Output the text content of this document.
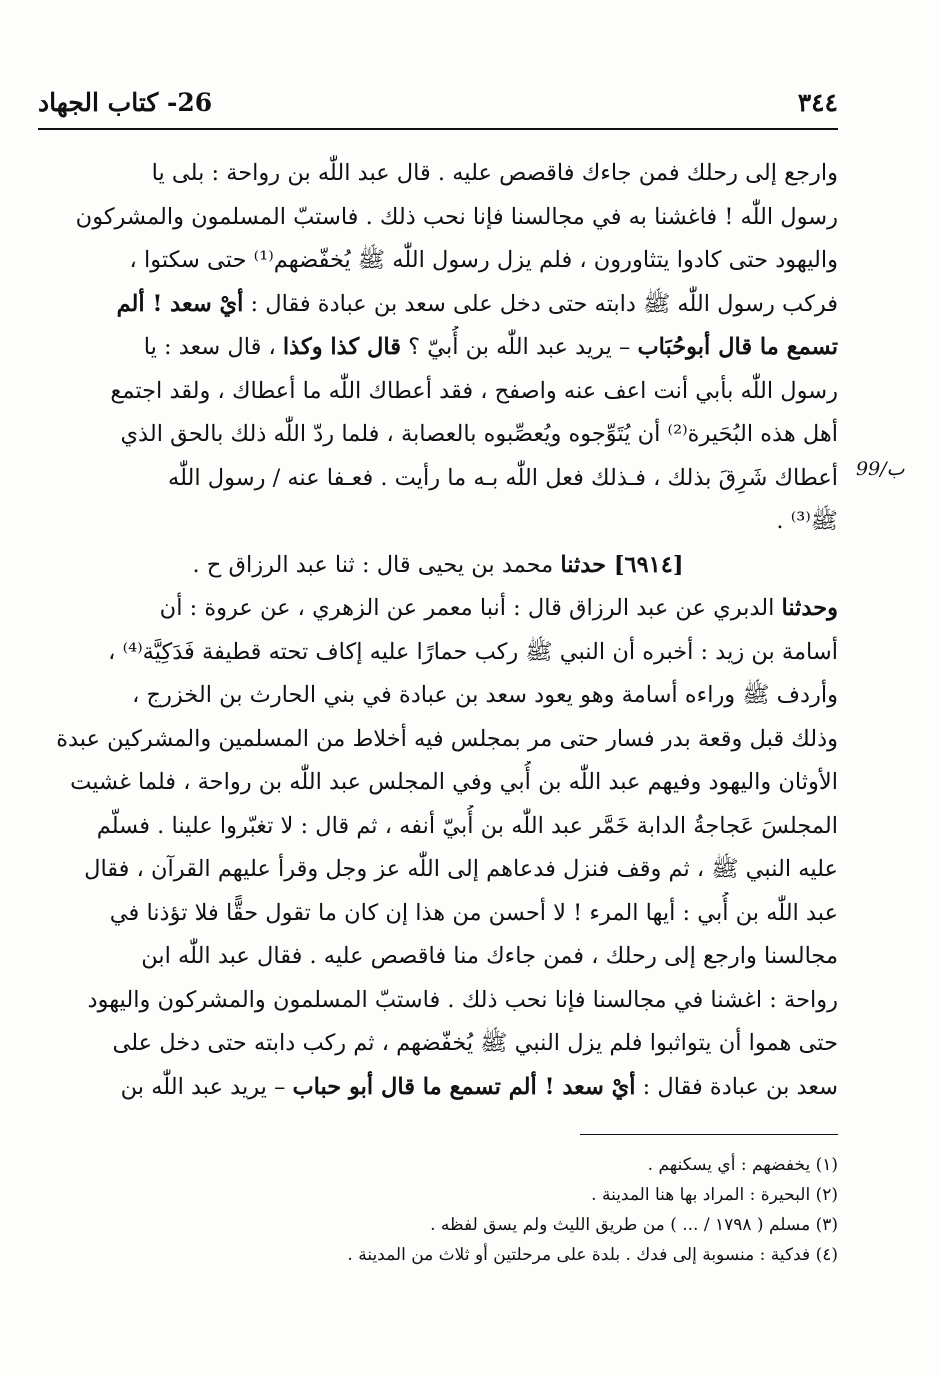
٣٤٤
26- كتاب الجهاد

وارجع إلى رحلك فمن جاءك فاقصص عليه . قال عبد اللّٰه بن رواحة : بلى يا

رسول اللّٰه ! فاغشنا به في مجالسنا فإنا نحب ذلك . فاستبّ المسلمون والمشركون

واليهود حتى كادوا يتثاورون ، فلم يزل رسول اللّٰه ﷺ يُخفّضهم⁽¹⁾ حتى سكتوا ،

فركب رسول اللّٰه ﷺ دابته حتى دخل على سعد بن عبادة فقال : أيْ سعد ! ألم

تسمع ما قال أبوحُبَاب – يريد عبد اللّٰه بن أُبيّ ؟ قال كذا وكذا ، قال سعد : يا

رسول اللّٰه بأبي أنت اعف عنه واصفح ، فقد أعطاك اللّٰه ما أعطاك ، ولقد اجتمع

أهل هذه البُحَيرة⁽²⁾ أن يُتَوِّجوه ويُعصِّبوه بالعصابة ، فلما ردّ اللّٰه ذلك بالحق الذي

أعطاك شَرِقَ بذلك ، فـذلك فعل اللّٰه بـه ما رأيت . فعـفا عنه / رسول اللّٰه

ﷺ⁽³⁾ .

[٦٩١٤] حدثنا محمد بن يحيى قال : ثنا عبد الرزاق ح .

وحدثنا الدبري عن عبد الرزاق قال : أنبا معمر عن الزهري ، عن عروة : أن

أسامة بن زيد : أخبره أن النبي ﷺ ركب حمارًا عليه إكاف تحته قطيفة فَدَكِيَّة⁽⁴⁾ ،

وأردف ﷺ وراءه أسامة وهو يعود سعد بن عبادة في بني الحارث بن الخزرج ،

وذلك قبل وقعة بدر فسار حتى مر بمجلس فيه أخلاط من المسلمين والمشركين عبدة

الأوثان واليهود وفيهم عبد اللّٰه بن أُبي وفي المجلس عبد اللّٰه بن رواحة ، فلما غشيت

المجلسَ عَجاجةُ الدابة خَمَّر عبد اللّٰه بن أُبيّ أنفه ، ثم قال : لا تغبّروا علينا . فسلّم

عليه النبي ﷺ ، ثم وقف فنزل فدعاهم إلى اللّٰه عز وجل وقرأ عليهم القرآن ، فقال

عبد اللّٰه بن أُبي : أيها المرء ! لا أحسن من هذا إن كان ما تقول حقًّا فلا تؤذنا في

مجالسنا وارجع إلى رحلك ، فمن جاءك منا فاقصص عليه . فقال عبد اللّٰه ابن

رواحة : اغشنا في مجالسنا فإنا نحب ذلك . فاستبّ المسلمون والمشركون واليهود

حتى هموا أن يتواثبوا فلم يزل النبي ﷺ يُخفّضهم ، ثم ركب دابته حتى دخل على

سعد بن عبادة فقال : أيْ سعد ! ألم تسمع ما قال أبو حباب – يريد عبد اللّٰه بن

99/ب
(١) يخفضهم : أي يسكنهم .
(٢) البحيرة : المراد بها هنا المدينة .
(٣) مسلم ( ١٧٩٨ / ... ) من طريق الليث ولم يسق لفظه .
(٤) فدكية : منسوبة إلى فدك . بلدة على مرحلتين أو ثلاث من المدينة .
